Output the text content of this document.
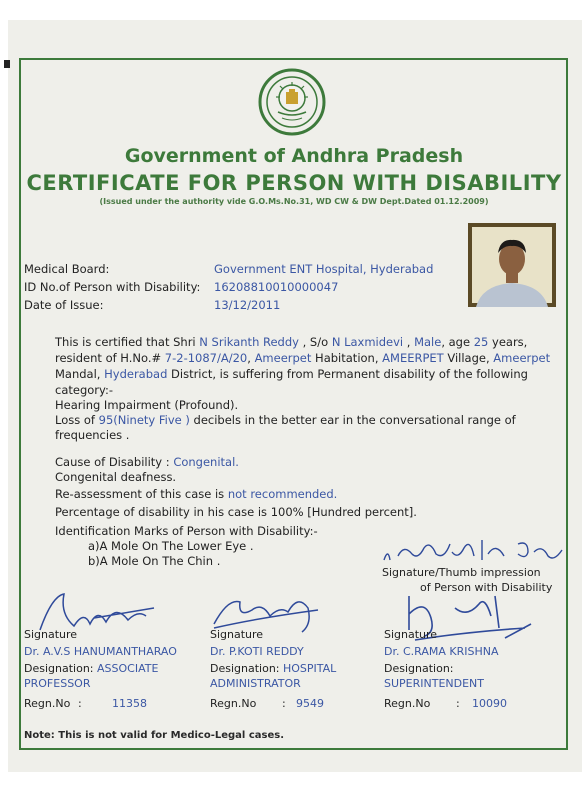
Government of Andhra Pradesh
CERTIFICATE FOR PERSON WITH DISABILITY
(Issued under the authority vide G.O.Ms.No.31, WD CW & DW Dept.Dated 01.12.2009)
Medical Board:	Government ENT Hospital, Hyderabad
ID No.of Person with Disability: 16208810010000047
Date of Issue:	13/12/2011
This is certified that Shri N Srikanth Reddy , S/o N Laxmidevi , Male, age 25 years,
resident of H.No.# 7-2-1087/A/20, Ameerpet Habitation, AMEERPET Village, Ameerpet
Mandal, Hyderabad District, is suffering from Permanent disability of the following
category:-
Hearing Impairment (Profound).
Loss of 95(Ninety Five ) decibels in the better ear in the conversational range of
frequencies .
Cause of Disability : Congenital.
Congenital deafness.
Re-assessment of this case is not recommended.
Percentage of disability in his case is 100% [Hundred percent].
Identification Marks of Person with Disability:-
a)A Mole On The Lower Eye .
b)A Mole On The Chin .
Signature/Thumb impression
of Person with Disability
Signature
Dr. A.V.S HANUMANTHARAO
Designation: ASSOCIATE
PROFESSOR
Regn.No :	11358
Signature
Dr. P.KOTI REDDY
Designation: HOSPITAL
ADMINISTRATOR
Regn.No : 9549
Signature
Dr. C.RAMA KRISHNA
Designation:
SUPERINTENDENT
Regn.No : 10090
Note: This is not valid for Medico-Legal cases.
